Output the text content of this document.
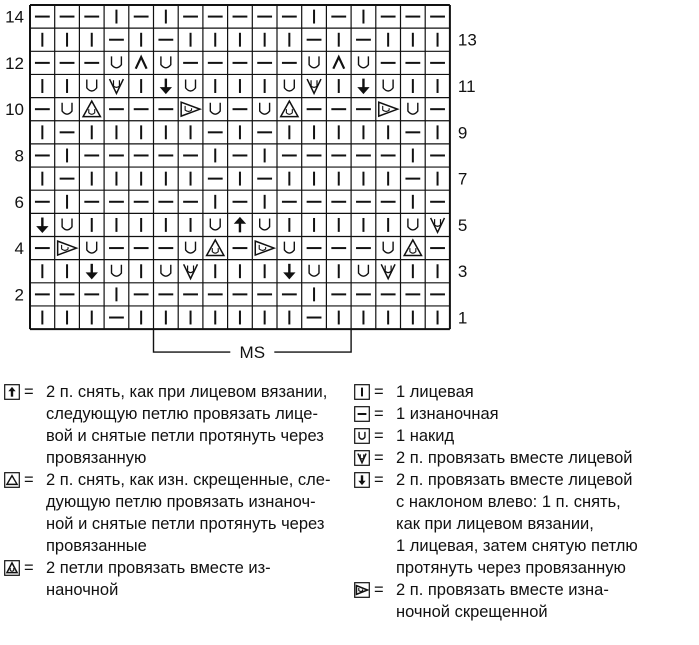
14
12
10
8
6
4
2
13
11
9
7
5
3
1
MS
= 2 п. снять, как при лицевом вязании,
следующую петлю провязать лице-
вой и снятые петли протянуть через
провязанную
= 2 п. снять, как изн. скрещенные, сле-
дующую петлю провязать изнаноч-
ной и снятые петли протянуть через
провязанные
= 2 петли провязать вместе из-
наночной
= 1 лицевая
= 1 изнаночная
= 1 накид
= 2 п. провязать вместе лицевой
= 2 п. провязать вместе лицевой
с наклоном влево: 1 п. снять,
как при лицевом вязании,
1 лицевая, затем снятую петлю
протянуть через провязанную
= 2 п. провязать вместе изна-
ночной скрещенной
